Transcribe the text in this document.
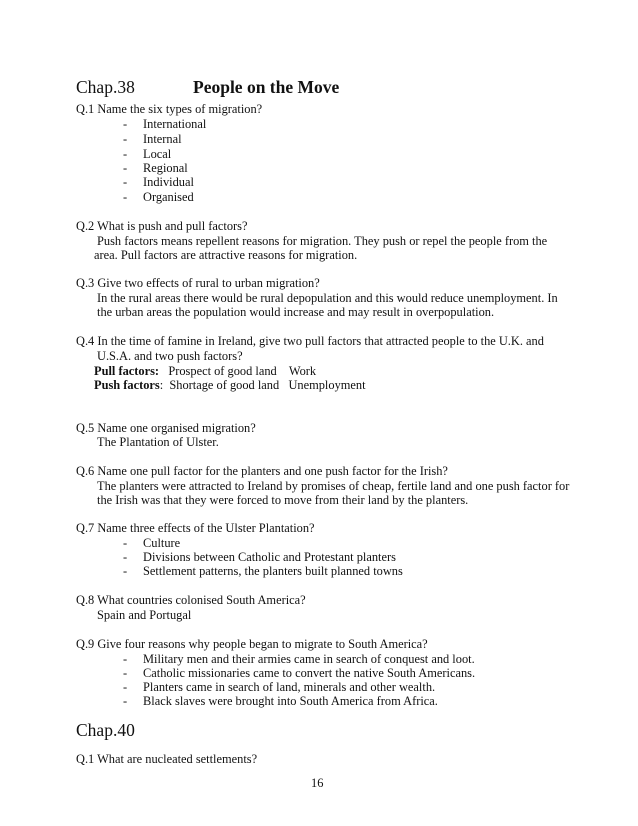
Chap.38	People on the Move
Q.1 Name the six types of migration?
- International
- Internal
- Local
- Regional
- Individual
- Organised
Q.2 What is push and pull factors?
Push factors means repellent reasons for migration. They push or repel the people from the
area. Pull factors are attractive reasons for migration.
Q.3 Give two effects of rural to urban migration?
In the rural areas there would be rural depopulation and this would reduce unemployment. In
the urban areas the population would increase and may result in overpopulation.
Q.4 In the time of famine in Ireland, give two pull factors that attracted people to the U.K. and
U.S.A. and two push factors?
Pull factors: Prospect of good land    Work
Push factors:  Shortage of good land   Unemployment
Q.5 Name one organised migration?
The Plantation of Ulster.
Q.6 Name one pull factor for the planters and one push factor for the Irish?
The planters were attracted to Ireland by promises of cheap, fertile land and one push factor for
the Irish was that they were forced to move from their land by the planters.
Q.7 Name three effects of the Ulster Plantation?
- Culture
- Divisions between Catholic and Protestant planters
- Settlement patterns, the planters built planned towns
Q.8 What countries colonised South America?
Spain and Portugal
Q.9 Give four reasons why people began to migrate to South America?
- Military men and their armies came in search of conquest and loot.
- Catholic missionaries came to convert the native South Americans.
- Planters came in search of land, minerals and other wealth.
- Black slaves were brought into South America from Africa.
Chap.40
Q.1 What are nucleated settlements?
16
